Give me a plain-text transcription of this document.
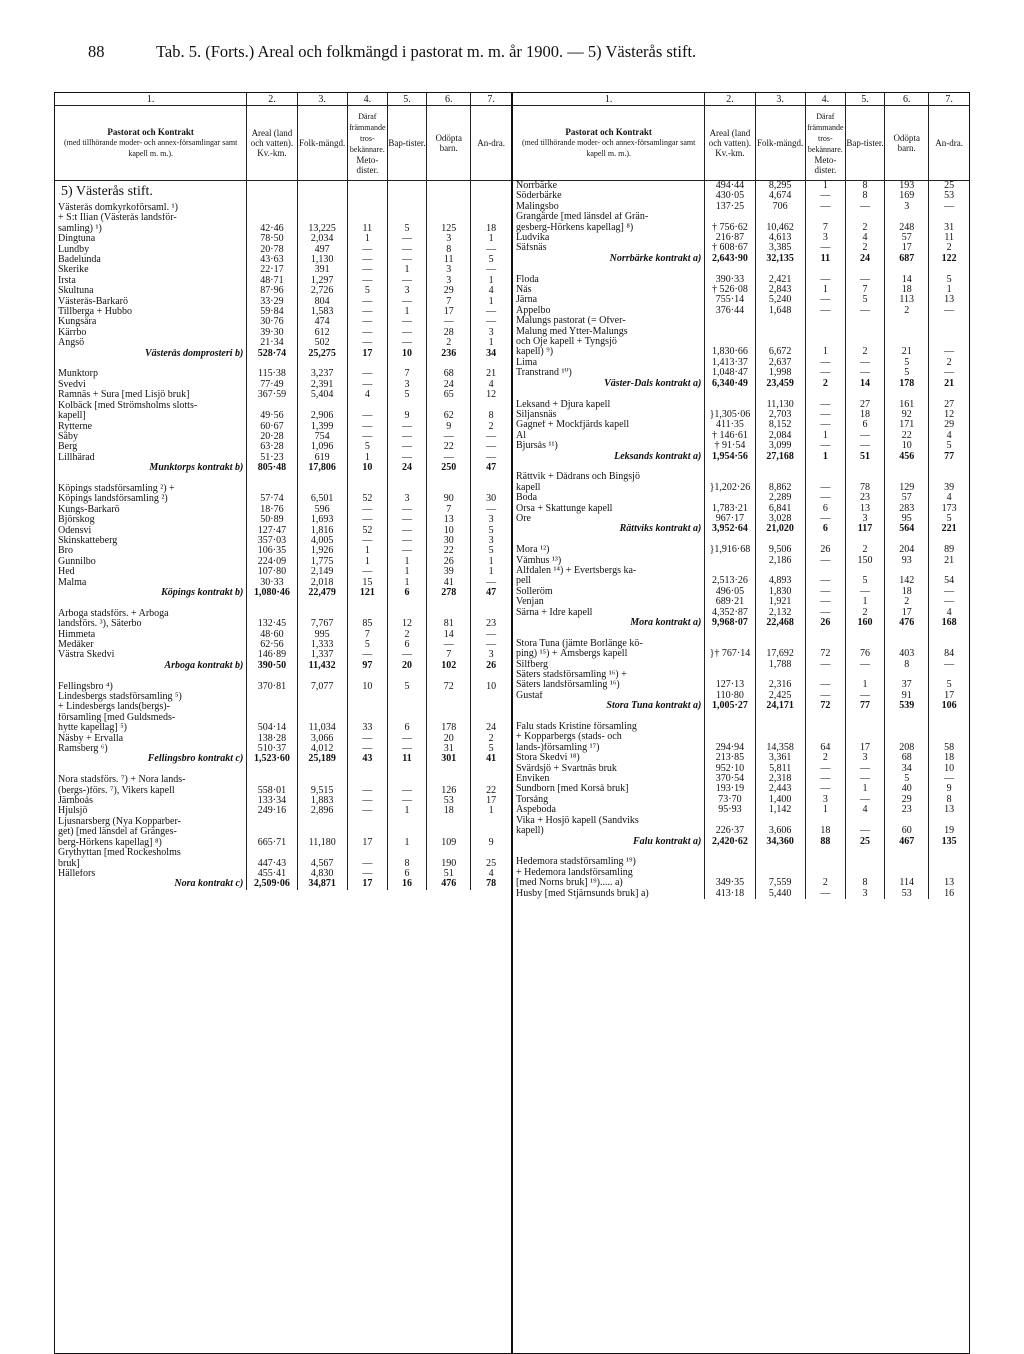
88	Tab. 5. (Forts.) Areal och folkmängd i pastorat m. m. år 1900. — 5) Västerås stift.
1.	2.	3.	4.	5.	6.	7.
Pastorat och Kontrakt
(med tillhörande moder- och annex-församlingar samt kapell m. m.).	Areal (land och vatten).
Kv.-km.	Folk-mängd.	Däraf främmande tros-bekännare.
Meto-dister.	Bap-tister.	Odöpta barn.	An-dra.
5) Västerås stift.						
Västerås domkyrkoförsaml. ¹)						
+ S:t Ilian (Västerås landsför-						
samling) ¹)	42·46	13,225	11	5	125	18
Dingtuna	78·50	2,034	1	—	3	1
Lundby	20·78	497	—	—	8	—
Badelunda	43·63	1,130	—	—	11	5
Skerike	22·17	391	—	1	3	—
Irsta	48·71	1,297	—	—	3	1
Skultuna	87·96	2,726	5	3	29	4
Västerås-Barkarö	33·29	804	—	—	7	1
Tillberga + Hubbo	59·84	1,583	—	1	17	—
Kungsåra	30·76	474	—	—	—	—
Kärrbo	39·30	612	—	—	28	3
Ängsö	21·34	502	—	—	2	1
Västerås domprosteri b)	528·74	25,275	17	10	236	34

Munktorp	115·38	3,237	—	7	68	21
Svedvi	77·49	2,391	—	3	24	4
Ramnäs + Sura [med Lisjö bruk]	367·59	5,404	4	5	65	12
Kolbäck [med Strömsholms slotts-						
kapell]	49·56	2,906	—	9	62	8
Rytterne	60·67	1,399	—	—	9	2
Säby	20·28	754	—	—	—	—
Berg	63·28	1,096	5	—	22	—
Lillhärad	51·23	619	1	—	—	—
Munktorps kontrakt b)	805·48	17,806	10	24	250	47

Köpings stadsförsamling ²) +						
Köpings landsförsamling ²)	57·74	6,501	52	3	90	30
Kungs-Barkarö	18·76	596	—	—	7	—
Björskog	50·89	1,693	—	—	13	3
Odensvi	127·47	1,816	52	—	10	5
Skinskatteberg	357·03	4,005	—	—	30	3
Bro	106·35	1,926	1	—	22	5
Gunnilbo	224·09	1,775	1	1	26	1
Hed	107·80	2,149	—	1	39	1
Malma	30·33	2,018	15	1	41	—
Köpings kontrakt b)	1,080·46	22,479	121	6	278	47

Arboga stadsförs. + Arboga						
landsförs. ³), Säterbo	132·45	7,767	85	12	81	23
Himmeta	48·60	995	7	2	14	—
Medåker	62·56	1,333	5	6	—	—
Västra Skedvi	146·89	1,337	—	—	7	3
Arboga kontrakt b)	390·50	11,432	97	20	102	26

Fellingsbro ⁴)	370·81	7,077	10	5	72	10
Lindesbergs stadsförsamling ⁵)						
+ Lindesbergs lands(bergs)-						
församling [med Guldsmeds-						
hytte kapellag] ⁵)	504·14	11,034	33	6	178	24
Näsby + Ervalla	138·28	3,066	—	—	20	2
Ramsberg ⁶)	510·37	4,012	—	—	31	5
Fellingsbro kontrakt c)	1,523·60	25,189	43	11	301	41

Nora stadsförs. ⁷) + Nora lands-						
(bergs-)förs. ⁷), Vikers kapell	558·01	9,515	—	—	126	22
Järnboås	133·34	1,883	—	—	53	17
Hjulsjö	249·16	2,896	—	1	18	1
Ljusnarsberg (Nya Kopparber-						
get) [med länsdel af Gränges-						
berg-Hörkens kapellag] ⁸)	665·71	11,180	17	1	109	9
Grythyttan [med Rockesholms						
bruk]	447·43	4,567	—	8	190	25
Hällefors	455·41	4,830	—	6	51	4
Nora kontrakt c)	2,509·06	34,871	17	16	476	78
1.	2.	3.	4.	5.	6.	7.
Pastorat och Kontrakt
(med tillhörande moder- och annex-församlingar samt kapell m. m.).	Areal (land och vatten).
Kv.-km.	Folk-mängd.	Däraf främmande tros-bekännare.
Meto-dister.	Bap-tister.	Odöpta barn.	An-dra.
Norrbärke	494·44	8,295	1	8	193	25
Söderbärke	430·05	4,674	—	8	169	53
Malingsbo	137·25	706	—	—	3	—
Grangärde [med länsdel af Grän-						
gesberg-Hörkens kapellag] ⁸)	† 756·62	10,462	7	2	248	31
Ludvika	216·87	4,613	3	4	57	11
Säfsnäs	† 608·67	3,385	—	2	17	2
Norrbärke kontrakt a)	2,643·90	32,135	11	24	687	122

Floda	390·33	2,421	—	—	14	5
Nås	† 526·08	2,843	1	7	18	1
Järna	755·14	5,240	—	5	113	13
Äppelbo	376·44	1,648	—	—	2	—
Malungs pastorat (= Öfver-						
Malung med Ytter-Malungs						
och Öje kapell + Tyngsjö						
kapell) ⁹)	1,830·66	6,672	1	2	21	—
Lima	1,413·37	2,637	—	—	5	2
Transtrand ¹⁰)	1,048·47	1,998	—	—	5	—
Väster-Dals kontrakt a)	6,340·49	23,459	2	14	178	21

Leksand + Djura kapell		11,130	—	27	161	27
Siljansnäs	}1,305·06	2,703	—	18	92	12
Gagnef + Mockfjärds kapell	411·35	8,152	—	6	171	29
Ål	† 146·61	2,084	1	—	22	4
Bjursås ¹¹)	† 91·54	3,099	—	—	10	5
Leksands kontrakt a)	1,954·56	27,168	1	51	456	77

Rättvik + Dådrans och Bingsjö						
kapell	}1,202·26	8,862	—	78	129	39
Boda		2,289	—	23	57	4
Orsa + Skattunge kapell	1,783·21	6,841	6	13	283	173
Ore	967·17	3,028	—	3	95	5
Rättviks kontrakt a)	3,952·64	21,020	6	117	564	221

Mora ¹²)	}1,916·68	9,506	26	2	204	89
Våmhus ¹³)		2,186	—	150	93	21
Älfdalen ¹⁴) + Evertsbergs ka-						
pell	2,513·26	4,893	—	5	142	54
Solleröm	496·05	1,830	—	—	18	—
Venjan	689·21	1,921	—	1	2	—
Särna + Idre kapell	4,352·87	2,132	—	2	17	4
Mora kontrakt a)	9,968·07	22,468	26	160	476	168

Stora Tuna (jämte Borlänge kö-						
ping) ¹⁵) + Åmsbergs kapell	}† 767·14	17,692	72	76	403	84
Silfberg		1,788	—	—	8	—
Säters stadsförsamling ¹⁶) +						
Säters landsförsamling ¹⁶)	127·13	2,316	—	1	37	5
Gustaf	110·80	2,425	—	—	91	17
Stora Tuna kontrakt a)	1,005·27	24,171	72	77	539	106

Falu stads Kristine församling						
+ Kopparbergs (stads- och						
lands-)församling ¹⁷)	294·94	14,358	64	17	208	58
Stora Skedvi ¹⁸)	213·85	3,361	2	3	68	18
Svärdsjö + Svartnäs bruk	952·10	5,811	—	—	34	10
Enviken	370·54	2,318	—	—	5	—
Sundborn [med Korså bruk]	193·19	2,443	—	1	40	9
Torsång	73·70	1,400	3	—	29	8
Aspeboda	95·93	1,142	1	4	23	13
Vika + Hosjö kapell (Sandviks						
kapell)	226·37	3,606	18	—	60	19
Falu kontrakt a)	2,420·62	34,360	88	25	467	135

Hedemora stadsförsamling ¹⁹)						
+ Hedemora landsförsamling						
[med Norns bruk] ¹⁹)..... a)	349·35	7,559	2	8	114	13
Husby [med Stjärnsunds bruk] a)	413·18	5,440	—	3	53	16
